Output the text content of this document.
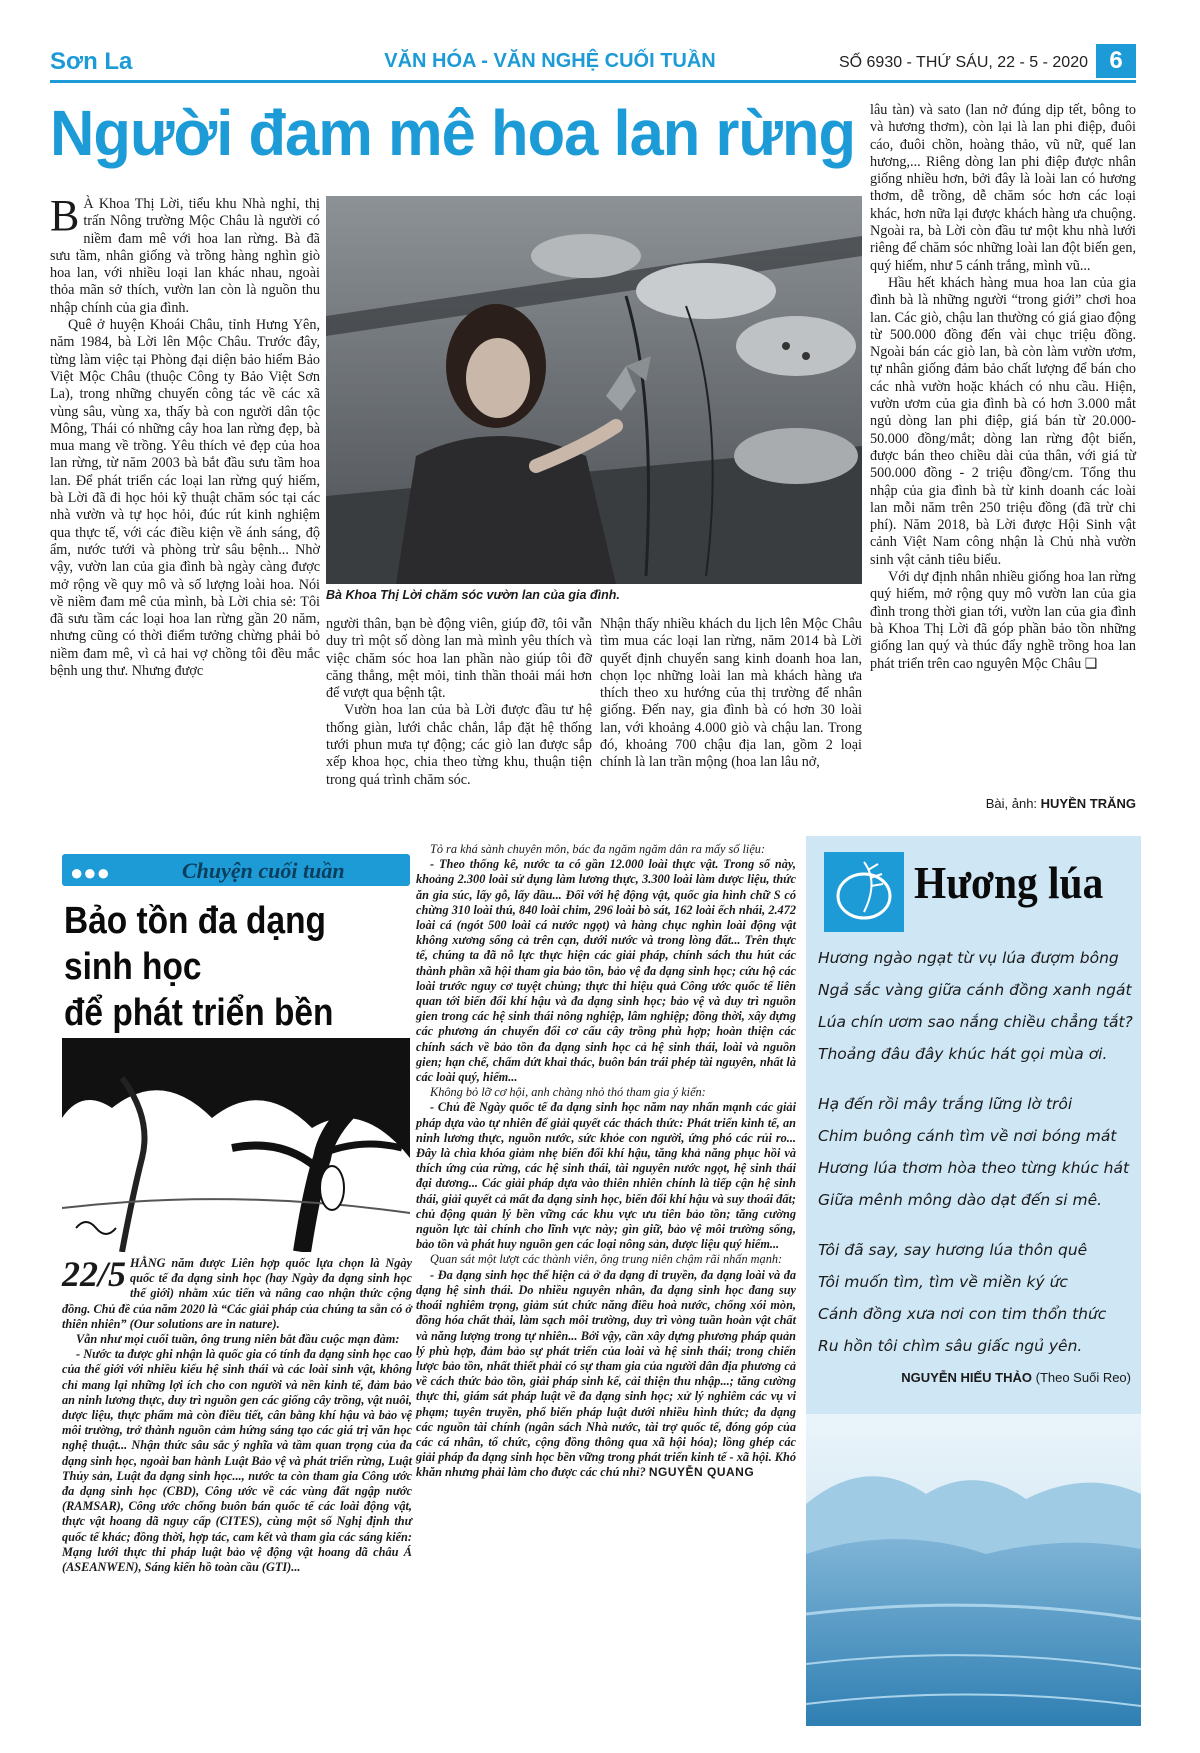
Sơn La	VĂN HÓA - VĂN NGHỆ CUỐI TUẦN	SỐ 6930 - THỨ SÁU, 22 - 5 - 2020 6
Người đam mê hoa lan rừng

B À Khoa Thị Lời, tiểu khu Nhà nghỉ, thị trấn Nông trường Mộc Châu là người có niềm đam mê với hoa lan rừng. Bà đã sưu tầm, nhân giống và trồng hàng nghìn giò hoa lan, với nhiều loại lan khác nhau, ngoài thỏa mãn sở thích, vườn lan còn là nguồn thu nhập chính của gia đình.

Quê ở huyện Khoái Châu, tỉnh Hưng Yên, năm 1984, bà Lời lên Mộc Châu. Trước đây, từng làm việc tại Phòng đại diện bảo hiểm Bảo Việt Mộc Châu (thuộc Công ty Bảo Việt Sơn La), trong những chuyến công tác về các xã vùng sâu, vùng xa, thấy bà con người dân tộc Mông, Thái có những cây hoa lan rừng đẹp, bà mua mang về trồng. Yêu thích vẻ đẹp của hoa lan rừng, từ năm 2003 bà bắt đầu sưu tầm hoa lan. Để phát triển các loại lan rừng quý hiếm, bà Lời đã đi học hỏi kỹ thuật chăm sóc tại các nhà vườn và tự học hỏi, đúc rút kinh nghiệm qua thực tế, với các điều kiện về ánh sáng, độ ẩm, nước tưới và phòng trừ sâu bệnh... Nhờ vậy, vườn lan của gia đình bà ngày càng được mở rộng về quy mô và số lượng loài hoa. Nói về niềm đam mê của mình, bà Lời chia sẻ: Tôi đã sưu tầm các loại hoa lan rừng gần 20 năm, nhưng cũng có thời điểm tưởng chừng phải bỏ niềm đam mê, vì cả hai vợ chồng tôi đều mắc bệnh ung thư. Nhưng được

Bà Khoa Thị Lời chăm sóc vườn lan của gia đình.

người thân, bạn bè động viên, giúp đỡ, tôi vẫn duy trì một số dòng lan mà mình yêu thích và việc chăm sóc hoa lan phần nào giúp tôi đỡ căng thẳng, mệt mỏi, tinh thần thoải mái hơn để vượt qua bệnh tật.

Vườn hoa lan của bà Lời được đầu tư hệ thống giàn, lưới chắc chắn, lắp đặt hệ thống tưới phun mưa tự động; các giò lan được sắp xếp khoa học, chia theo từng khu, thuận tiện trong quá trình chăm sóc.

Nhận thấy nhiều khách du lịch lên Mộc Châu tìm mua các loại lan rừng, năm 2014 bà Lời quyết định chuyển sang kinh doanh hoa lan, chọn lọc những loài lan mà khách hàng ưa thích theo xu hướng của thị trường để nhân giống. Đến nay, gia đình bà có hơn 30 loài lan, với khoảng 4.000 giò và chậu lan. Trong đó, khoảng 700 chậu địa lan, gồm 2 loại chính là lan trần mộng (hoa lan lâu nở,

lâu tàn) và sato (lan nở đúng dịp tết, bông to và hương thơm), còn lại là lan phi điệp, đuôi cáo, đuôi chồn, hoàng thảo, vũ nữ, quế lan hương,... Riêng dòng lan phi điệp được nhân giống nhiều hơn, bởi đây là loài lan có hương thơm, dễ trồng, dễ chăm sóc hơn các loại khác, hơn nữa lại được khách hàng ưa chuộng. Ngoài ra, bà Lời còn đầu tư một khu nhà lưới riêng để chăm sóc những loài lan đột biến gen, quý hiếm, như 5 cánh trắng, mình vũ...

Hầu hết khách hàng mua hoa lan của gia đình bà là những người “trong giới” chơi hoa lan. Các giò, chậu lan thường có giá giao động từ 500.000 đồng đến vài chục triệu đồng. Ngoài bán các giò lan, bà còn làm vườn ươm, tự nhân giống đảm bảo chất lượng để bán cho các nhà vườn hoặc khách có nhu cầu. Hiện, vườn ươm của gia đình bà có hơn 3.000 mắt ngủ dòng lan phi điệp, giá bán từ 20.000-50.000 đồng/mắt; dòng lan rừng đột biến, được bán theo chiều dài của thân, với giá từ 500.000 đồng - 2 triệu đồng/cm. Tổng thu nhập của gia đình bà từ kinh doanh các loài lan mỗi năm trên 250 triệu đồng (đã trừ chi phí). Năm 2018, bà Lời được Hội Sinh vật cảnh Việt Nam công nhận là Chủ nhà vườn sinh vật cảnh tiêu biểu.

Với dự định nhân nhiều giống hoa lan rừng quý hiếm, mở rộng quy mô vườn lan của gia đình trong thời gian tới, vườn lan của gia đình bà Khoa Thị Lời đã góp phần bảo tồn những giống lan quý và thúc đẩy nghề trồng hoa lan phát triển trên cao nguyên Mộc Châu ❑

Bài, ảnh: HUYỀN TRĂNG
●●●	Chuyện cuối tuần
Bảo tồn đa dạng sinh học
để phát triển bền

22/5 HẰNG năm được Liên hợp quốc lựa chọn là Ngày quốc tế đa dạng sinh học (hay Ngày đa dạng sinh học thế giới) nhằm xúc tiến và nâng cao nhận thức cộng đồng. Chủ đề của năm 2020 là “Các giải pháp của chúng ta sẵn có ở thiên nhiên” (Our solutions are in nature).

Vẫn như mọi cuối tuần, ông trung niên bắt đầu cuộc mạn đàm:

- Nước ta được ghi nhận là quốc gia có tính đa dạng sinh học cao của thế giới với nhiều kiểu hệ sinh thái và các loài sinh vật, không chỉ mang lại những lợi ích cho con người và nền kinh tế, đảm bảo an ninh lương thực, duy trì nguồn gen các giống cây trồng, vật nuôi, dược liệu, thực phẩm mà còn điều tiết, cân bằng khí hậu và bảo vệ môi trường, trở thành nguồn cảm hứng sáng tạo các giá trị văn học nghệ thuật... Nhận thức sâu sắc ý nghĩa và tầm quan trọng của đa dạng sinh học, ngoài ban hành Luật Bảo vệ và phát triển rừng, Luật Thủy sản, Luật đa dạng sinh học..., nước ta còn tham gia Công ước đa dạng sinh học (CBD), Công ước về các vùng đất ngập nước (RAMSAR), Công ước chống buôn bán quốc tế các loài động vật, thực vật hoang dã nguy cấp (CITES), cùng một số Nghị định thư quốc tế khác; đồng thời, hợp tác, cam kết và tham gia các sáng kiến: Mạng lưới thực thi pháp luật bảo vệ động vật hoang dã châu Á (ASEANWEN), Sáng kiến hồ toàn cầu (GTI)...

Tỏ ra khá sành chuyên môn, bác đa ngăm ngăm dân ra mấy số liệu:

- Theo thống kê, nước ta có gần 12.000 loài thực vật. Trong số này, khoảng 2.300 loài sử dụng làm lương thực, 3.300 loài làm dược liệu, thức ăn gia súc, lấy gỗ, lấy dầu... Đối với hệ động vật, quốc gia hình chữ S có chừng 310 loài thú, 840 loài chim, 296 loài bò sát, 162 loài ếch nhái, 2.472 loài cá (ngót 500 loài cá nước ngọt) và hàng chục nghìn loài động vật không xương sống cả trên cạn, dưới nước và trong lòng đất... Trên thực tế, chúng ta đã nỗ lực thực hiện các giải pháp, chính sách thu hút các thành phần xã hội tham gia bảo tồn, bảo vệ đa dạng sinh học; cứu hộ các loài trước nguy cơ tuyệt chủng; thực thi hiệu quả Công ước quốc tế liên quan tới biến đổi khí hậu và đa dạng sinh học; bảo vệ và duy trì nguồn gien trong các hệ sinh thái nông nghiệp, lâm nghiệp; đồng thời, xây dựng các phương án chuyển đổi cơ cấu cây trồng phù hợp; hoàn thiện các chính sách về bảo tồn đa dạng sinh học cả hệ sinh thái, loài và nguồn gien; hạn chế, chấm dứt khai thác, buôn bán trái phép tài nguyên, nhất là các loài quý, hiếm...

Không bỏ lỡ cơ hội, anh chàng nhỏ thó tham gia ý kiến:

- Chủ đề Ngày quốc tế đa dạng sinh học năm nay nhấn mạnh các giải pháp dựa vào tự nhiên để giải quyết các thách thức: Phát triển kinh tế, an ninh lương thực, nguồn nước, sức khỏe con người, ứng phó các rủi ro... Đây là chìa khóa giảm nhẹ biến đổi khí hậu, tăng khả năng phục hồi và thích ứng của rừng, các hệ sinh thái, tài nguyên nước ngọt, hệ sinh thái đại dương... Các giải pháp dựa vào thiên nhiên chính là tiếp cận hệ sinh thái, giải quyết cả mất đa dạng sinh học, biến đổi khí hậu và suy thoái đất; chủ động quản lý bền vững các khu vực ưu tiên bảo tồn; tăng cường nguồn lực tài chính cho lĩnh vực này; gìn giữ, bảo vệ môi trường sống, bảo tồn và phát huy nguồn gen các loại nông sản, dược liệu quý hiếm...

Quan sát một lượt các thành viên, ông trung niên chậm rãi nhấn mạnh:

- Đa dạng sinh học thể hiện cả ở đa dạng di truyền, đa dạng loài và đa dạng hệ sinh thái. Do nhiều nguyên nhân, đa dạng sinh học đang suy thoái nghiêm trọng, giảm sút chức năng điều hoà nước, chống xói mòn, đồng hóa chất thải, làm sạch môi trường, duy trì vòng tuần hoàn vật chất và năng lượng trong tự nhiên... Bởi vậy, cần xây dựng phương pháp quản lý phù hợp, đảm bảo sự phát triển của loài và hệ sinh thái; trong chiến lược bảo tồn, nhất thiết phải có sự tham gia của người dân địa phương cả về cách thức bảo tồn, giải pháp sinh kế, cải thiện thu nhập...; tăng cường thực thi, giám sát pháp luật về đa dạng sinh học; xử lý nghiêm các vụ vi phạm; tuyên truyền, phổ biến pháp luật dưới nhiều hình thức; đa dạng các nguồn tài chính (ngân sách Nhà nước, tài trợ quốc tế, đóng góp của các cá nhân, tổ chức, cộng đồng thông qua xã hội hóa); lồng ghép các giải pháp đa dạng sinh học bền vững trong phát triển kinh tế - xã hội. Khó khăn nhưng phải làm cho được các chú nhỉ? NGUYỄN QUANG

Hương lúa
Hương ngào ngạt từ vụ lúa đượm bông
Ngả sắc vàng giữa cánh đồng xanh ngát
Lúa chín ươm sao nắng chiều chẳng tắt?
Thoảng đâu đây khúc hát gọi mùa ơi.
Hạ đến rồi mây trắng lững lờ trôi
Chim buông cánh tìm về nơi bóng mát
Hương lúa thơm hòa theo từng khúc hát
Giữa mênh mông dào dạt đến si mê.
Tôi đã say, say hương lúa thôn quê
Tôi muốn tìm, tìm về miền ký ức
Cánh đồng xưa nơi con tim thổn thức
Ru hồn tôi chìm sâu giấc ngủ yên.
NGUYỄN HIẾU THẢO (Theo Suối Reo)
